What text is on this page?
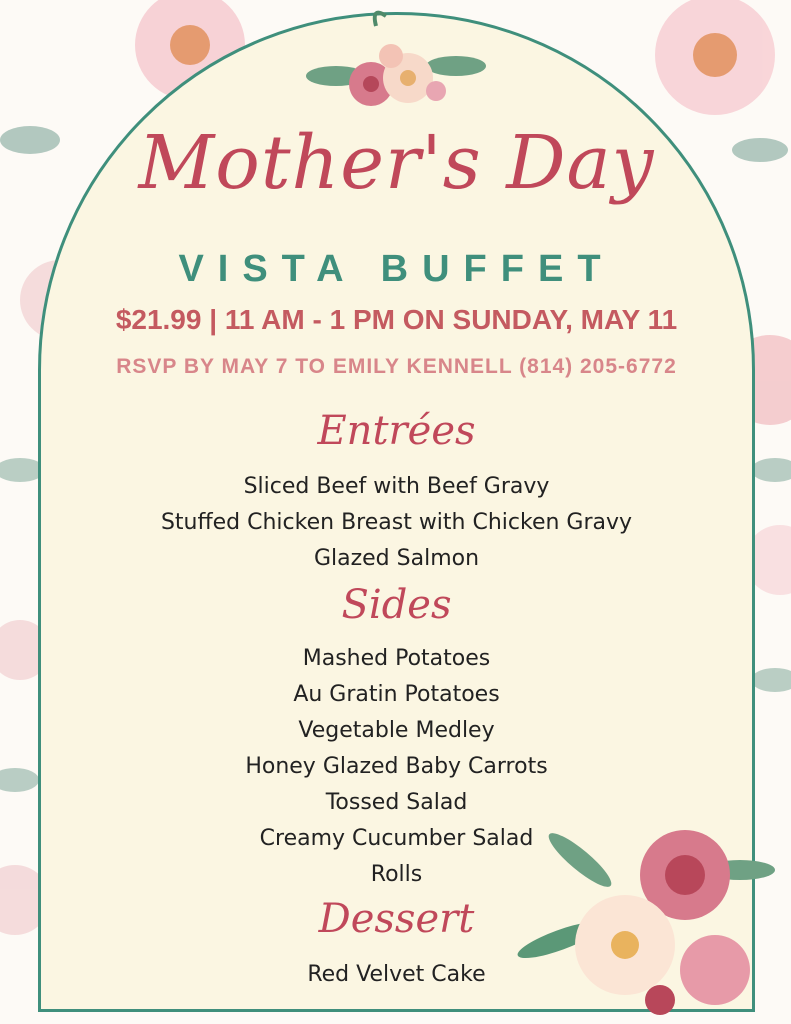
Mother's Day
VISTA BUFFET
$21.99 | 11 AM - 1 PM ON SUNDAY, MAY 11
RSVP BY MAY 7 TO EMILY KENNELL (814) 205-6772
Entrées
Sliced Beef with Beef Gravy
Stuffed Chicken Breast with Chicken Gravy
Glazed Salmon
Sides
Mashed Potatoes
Au Gratin Potatoes
Vegetable Medley
Honey Glazed Baby Carrots
Tossed Salad
Creamy Cucumber Salad
Rolls
Dessert
Red Velvet Cake
